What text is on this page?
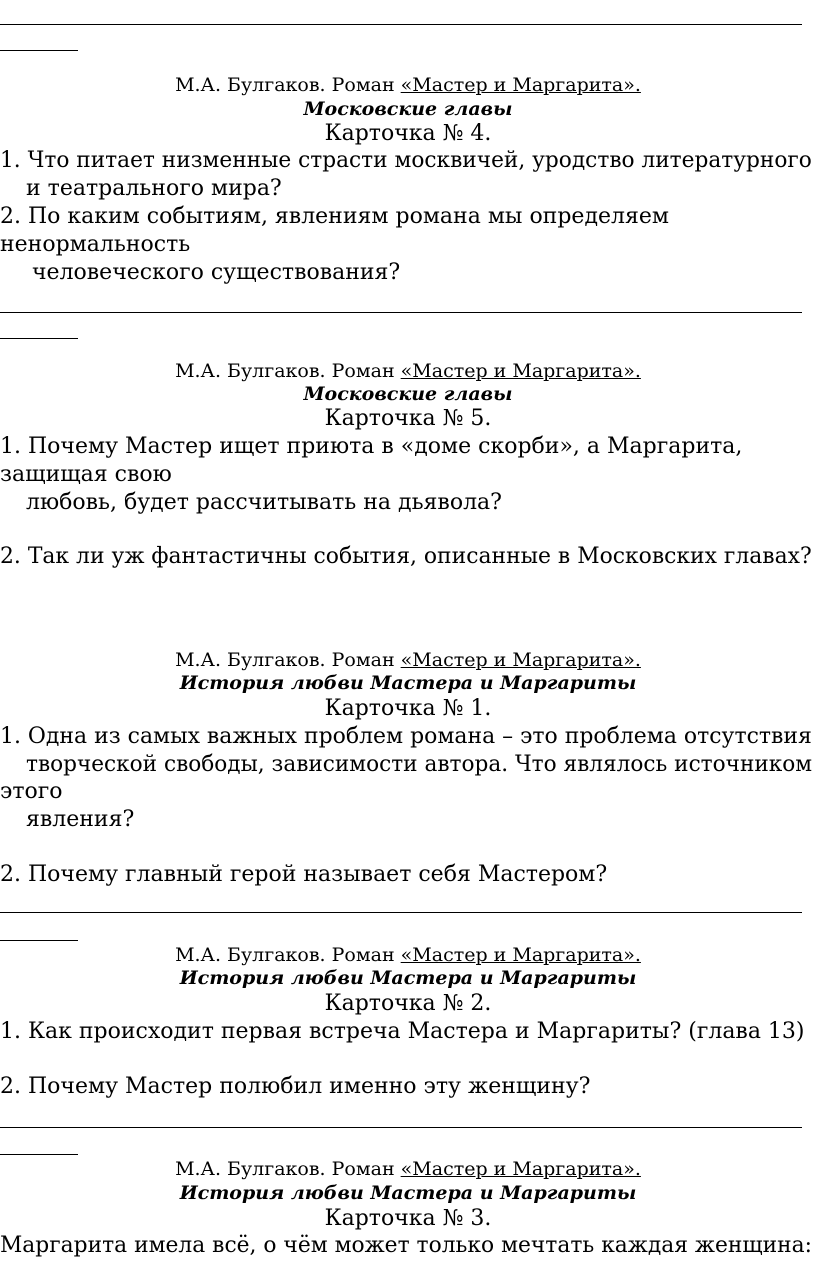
М.А. Булгаков. Роман «Мастер и Маргарита».
Московские главы
Карточка № 4.
1. Что питает низменные страсти москвичей, уродство литературного
и театрального мира?
2. По каким событиям, явлениям романа мы определяем
ненормальность
человеческого существования?
М.А. Булгаков. Роман «Мастер и Маргарита».
Московские главы
Карточка № 5.
1. Почему Мастер ищет приюта в «доме скорби», а Маргарита,
защищая свою
любовь, будет рассчитывать на дьявола?
2. Так ли уж фантастичны события, описанные в Московских главах?
М.А. Булгаков. Роман «Мастер и Маргарита».
История любви Мастера и Маргариты
Карточка № 1.
1. Одна из самых важных проблем романа – это проблема отсутствия
творческой свободы, зависимости автора. Что являлось источником
этого
явления?
2. Почему главный герой называет себя Мастером?
М.А. Булгаков. Роман «Мастер и Маргарита».
История любви Мастера и Маргариты
Карточка № 2.
1. Как происходит первая встреча Мастера и Маргариты? (глава 13)
2. Почему Мастер полюбил именно эту женщину?
М.А. Булгаков. Роман «Мастер и Маргарита».
История любви Мастера и Маргариты
Карточка № 3.
Маргарита имела всё, о чём может только мечтать каждая женщина:
